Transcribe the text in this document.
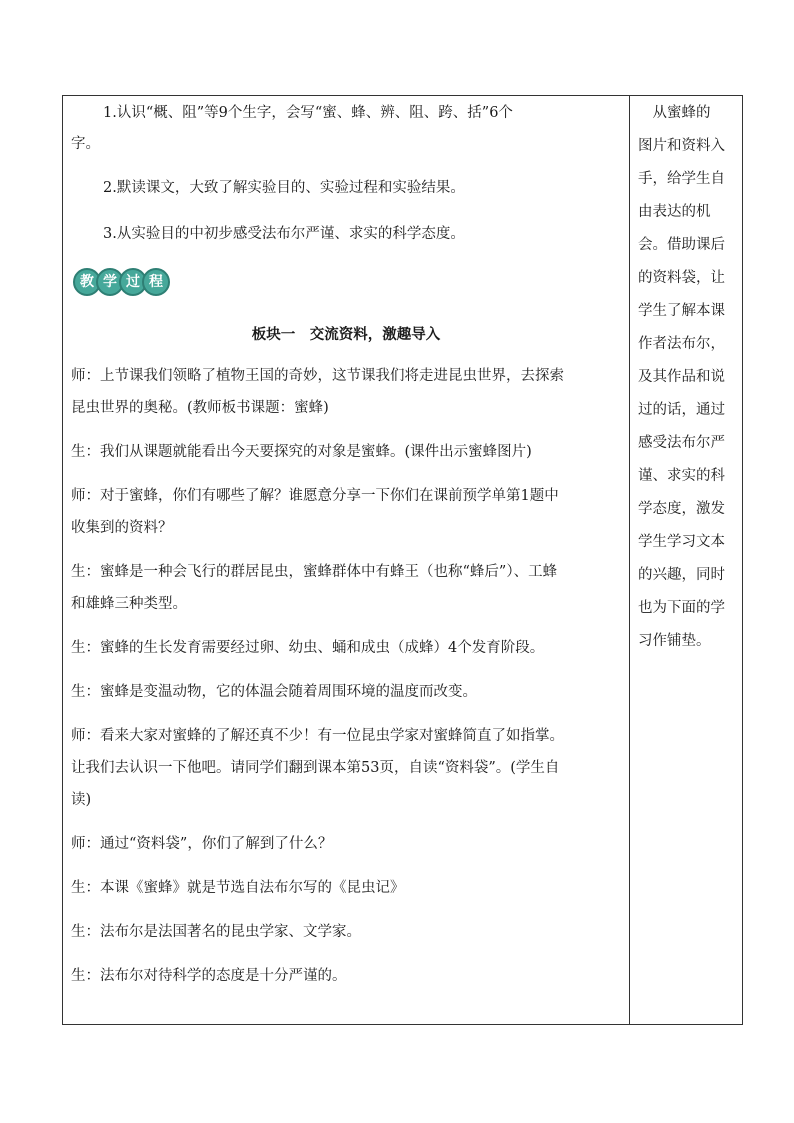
1.认识“概、阻”等9个生字，会写“蜜、蜂、辨、阻、跨、括”6个
字。
2.默读课文，大致了解实验目的、实验过程和实验结果。
3.从实验目的中初步感受法布尔严谨、求实的科学态度。
教 学 过 程
板块一　交流资料，激趣导入
师：上节课我们领略了植物王国的奇妙，这节课我们将走进昆虫世界，去探索
昆虫世界的奥秘。(教师板书课题：蜜蜂)
生：我们从课题就能看出今天要探究的对象是蜜蜂。(课件出示蜜蜂图片)
师：对于蜜蜂，你们有哪些了解？谁愿意分享一下你们在课前预学单第1题中
收集到的资料？
生：蜜蜂是一种会飞行的群居昆虫，蜜蜂群体中有蜂王（也称“蜂后”）、工蜂
和雄蜂三种类型。
生：蜜蜂的生长发育需要经过卵、幼虫、蛹和成虫（成蜂）4个发育阶段。
生：蜜蜂是变温动物，它的体温会随着周围环境的温度而改变。
师：看来大家对蜜蜂的了解还真不少！有一位昆虫学家对蜜蜂简直了如指掌。
让我们去认识一下他吧。请同学们翻到课本第53页，自读“资料袋”。(学生自
读)
师：通过“资料袋”，你们了解到了什么？
生：本课《蜜蜂》就是节选自法布尔写的《昆虫记》
生：法布尔是法国著名的昆虫学家、文学家。
生：法布尔对待科学的态度是十分严谨的。
　从蜜蜂的
图片和资料入
手，给学生自
由表达的机
会。借助课后
的资料袋，让
学生了解本课
作者法布尔，
及其作品和说
过的话，通过
感受法布尔严
谨、求实的科
学态度，激发
学生学习文本
的兴趣，同时
也为下面的学
习作铺垫。
